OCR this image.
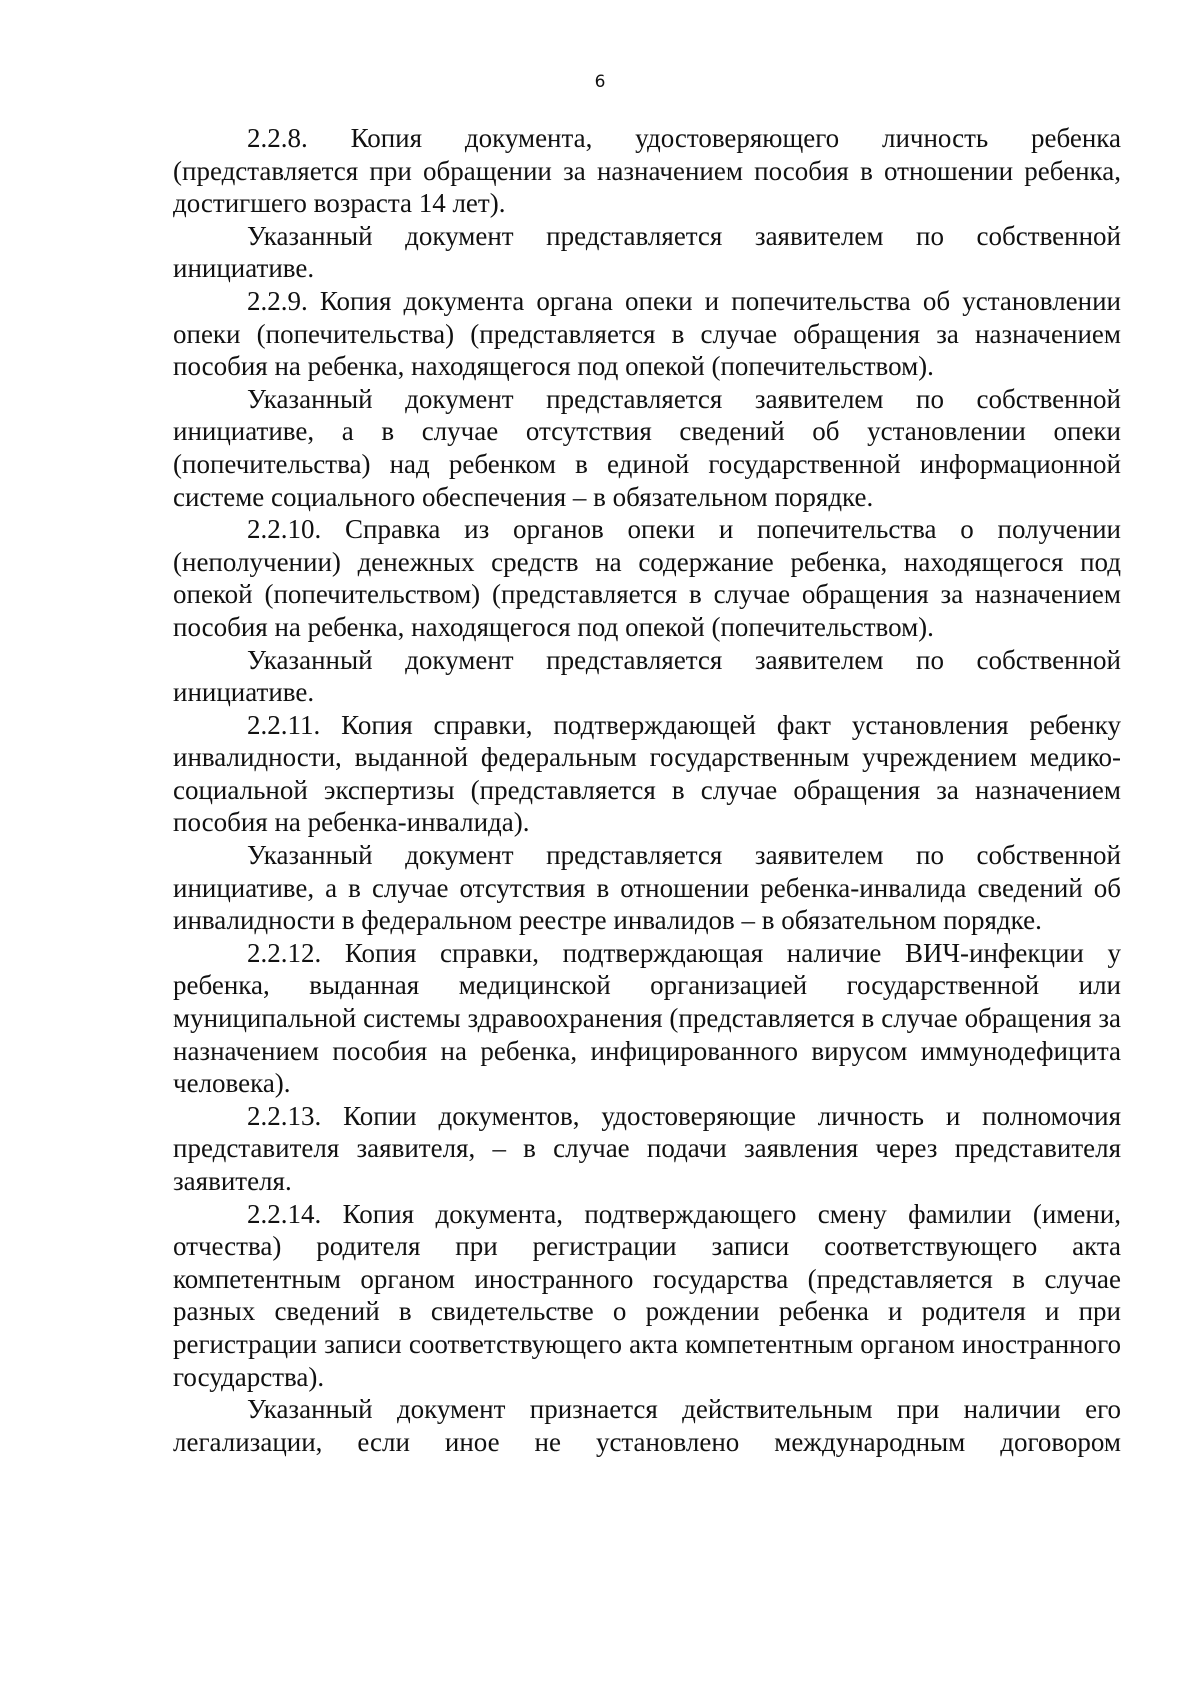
6

2.2.8. Копия документа, удостоверяющего личность ребенка (представляется при обращении за назначением пособия в отношении ребенка, достигшего возраста 14 лет).

Указанный документ представляется заявителем по собственной инициативе.

2.2.9. Копия документа органа опеки и попечительства об установлении опеки (попечительства) (представляется в случае обращения за назначением пособия на ребенка, находящегося под опекой (попечительством).

Указанный документ представляется заявителем по собственной инициативе, а в случае отсутствия сведений об установлении опеки (попечительства) над ребенком в единой государственной информационной системе социального обеспечения – в обязательном порядке.

2.2.10. Справка из органов опеки и попечительства о получении (неполучении) денежных средств на содержание ребенка, находящегося под опекой (попечительством) (представляется в случае обращения за назначением пособия на ребенка, находящегося под опекой (попечительством).

Указанный документ представляется заявителем по собственной инициативе.

2.2.11. Копия справки, подтверждающей факт установления ребенку инвалидности, выданной федеральным государственным учреждением медико-социальной экспертизы (представляется в случае обращения за назначением пособия на ребенка-инвалида).

Указанный документ представляется заявителем по собственной инициативе, а в случае отсутствия в отношении ребенка-инвалида сведений об инвалидности в федеральном реестре инвалидов – в обязательном порядке.

2.2.12. Копия справки, подтверждающая наличие ВИЧ-инфекции у ребенка, выданная медицинской организацией государственной или муниципальной системы здравоохранения (представляется в случае обращения за назначением пособия на ребенка, инфицированного вирусом иммунодефицита человека).

2.2.13. Копии документов, удостоверяющие личность и полномочия представителя заявителя, – в случае подачи заявления через представителя заявителя.

2.2.14. Копия документа, подтверждающего смену фамилии (имени, отчества) родителя при регистрации записи соответствующего акта компетентным органом иностранного государства (представляется в случае разных сведений в свидетельстве о рождении ребенка и родителя и при регистрации записи соответствующего акта компетентным органом иностранного государства).

Указанный документ признается действительным при наличии его легализации, если иное не установлено международным договором
